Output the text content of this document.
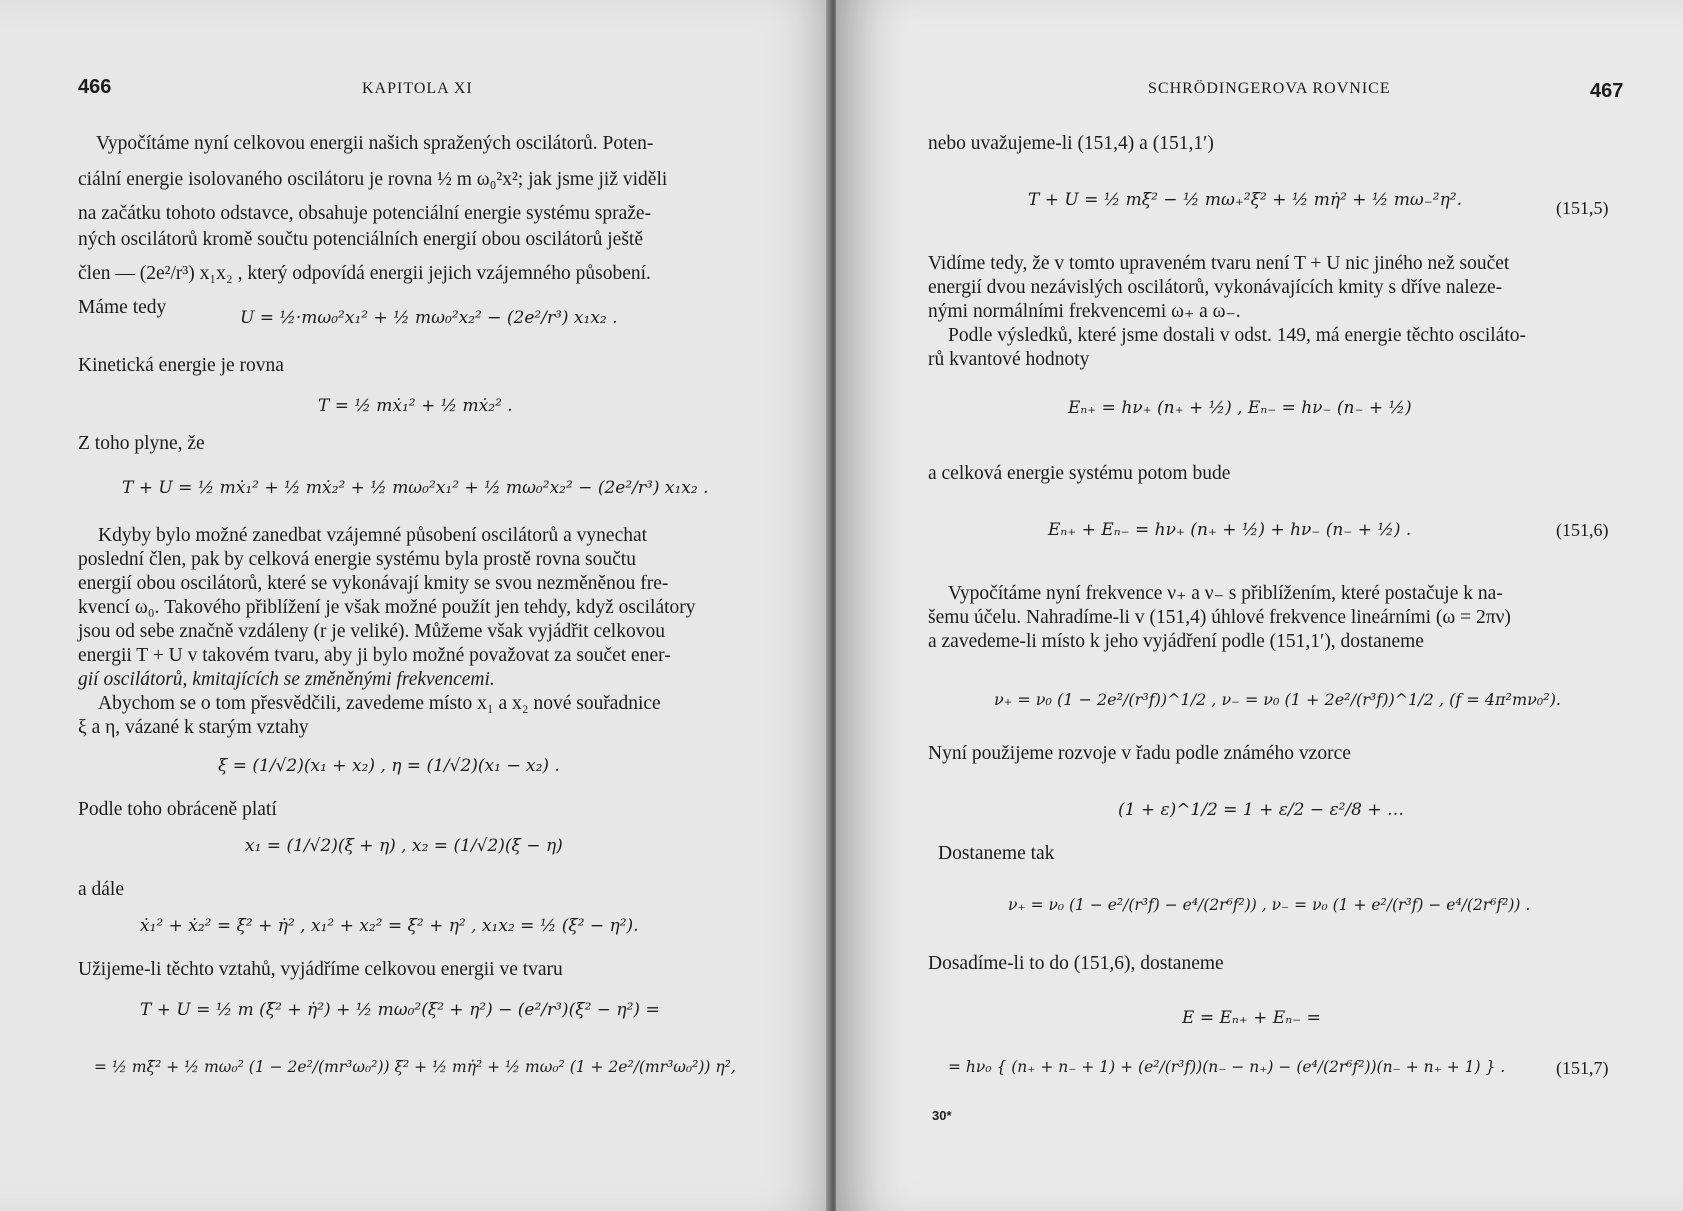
466	KAPITOLA XI
Vypočítáme nyní celkovou energii našich spražených oscilátorů. Poten-
ciální energie isolovaného oscilátoru je rovna ½ m ω₀²x²; jak jsme již viděli
na začátku tohoto odstavce, obsahuje potenciální energie systému spraže-
ných oscilátorů kromě součtu potenciálních energií obou oscilátorů ještě
člen — (2e²/r³) x₁x₂ , který odpovídá energii jejich vzájemného působení.
Máme tedy	U = ½·mω₀²x₁² + ½ mω₀²x₂² − (2e²/r³) x₁x₂ .
Kinetická energie je rovna
T = ½ mẋ₁² + ½ mẋ₂² .
Z toho plyne, že
T + U = ½ mẋ₁² + ½ mẋ₂² + ½ mω₀²x₁² + ½ mω₀²x₂² − (2e²/r³) x₁x₂ .
Kdyby bylo možné zanedbat vzájemné působení oscilátorů a vynechat
poslední člen, pak by celková energie systému byla prostě rovna součtu
energií obou oscilátorů, které se vykonávají kmity se svou nezměněnou fre-
kvencí ω₀. Takového přiblížení je však možné použít jen tehdy, když oscilátory
jsou od sebe značně vzdáleny (r je veliké). Můžeme však vyjádřit celkovou
energii T + U v takovém tvaru, aby ji bylo možné považovat za součet ener-
gií oscilátorů, kmitajících se změněnými frekvencemi.
Abychom se o tom přesvědčili, zavedeme místo x₁ a x₂ nové souřadnice
ξ a η, vázané k starým vztahy
ξ = (1/√2)(x₁ + x₂) , η = (1/√2)(x₁ − x₂) .
Podle toho obráceně platí
x₁ = (1/√2)(ξ + η) , x₂ = (1/√2)(ξ − η)
a dále
ẋ₁² + ẋ₂² = ξ̇² + η̇² , x₁² + x₂² = ξ² + η² , x₁x₂ = ½ (ξ² − η²).
Užijeme-li těchto vztahů, vyjádříme celkovou energii ve tvaru
T + U = ½ m (ξ̇² + η̇²) + ½ mω₀²(ξ² + η²) − (e²/r³)(ξ² − η²) =
= ½ mξ̇² + ½ mω₀² (1 − 2e²/(mr³ω₀²)) ξ² + ½ mη̇² + ½ mω₀² (1 + 2e²/(mr³ω₀²)) η²,
SCHRÖDINGEROVA ROVNICE	467
nebo uvažujeme-li (151,4) a (151,1′)
T + U = ½ mξ̇² − ½ mω₊²ξ² + ½ mη̇² + ½ mω₋²η².	(151,5)
Vidíme tedy, že v tomto upraveném tvaru není T + U nic jiného než součet
energií dvou nezávislých oscilátorů, vykonávajících kmity s dříve naleze-
nými normálními frekvencemi ω₊ a ω₋.
Podle výsledků, které jsme dostali v odst. 149, má energie těchto osciláto-
rů kvantové hodnoty
Eₙ₊ = hν₊ (n₊ + ½) , Eₙ₋ = hν₋ (n₋ + ½)
a celková energie systému potom bude
Eₙ₊ + Eₙ₋ = hν₊ (n₊ + ½) + hν₋ (n₋ + ½) .	(151,6)
Vypočítáme nyní frekvence ν₊ a ν₋ s přiblížením, které postačuje k na-
šemu účelu. Nahradíme-li v (151,4) úhlové frekvence lineárními (ω = 2πν)
a zavedeme-li místo k jeho vyjádření podle (151,1′), dostaneme
ν₊ = ν₀ (1 − 2e²/(r³f))^1/2 , ν₋ = ν₀ (1 + 2e²/(r³f))^1/2 , (f = 4π²mν₀²).
Nyní použijeme rozvoje v řadu podle známého vzorce
(1 + ε)^1/2 = 1 + ε/2 − ε²/8 + …
Dostaneme tak
ν₊ = ν₀ (1 − e²/(r³f) − e⁴/(2r⁶f²)) , ν₋ = ν₀ (1 + e²/(r³f) − e⁴/(2r⁶f²)) .
Dosadíme-li to do (151,6), dostaneme
E = Eₙ₊ + Eₙ₋ =
= hν₀ { (n₊ + n₋ + 1) + (e²/(r³f))(n₋ − n₊) − (e⁴/(2r⁶f²))(n₋ + n₊ + 1) } .	(151,7)
30*
